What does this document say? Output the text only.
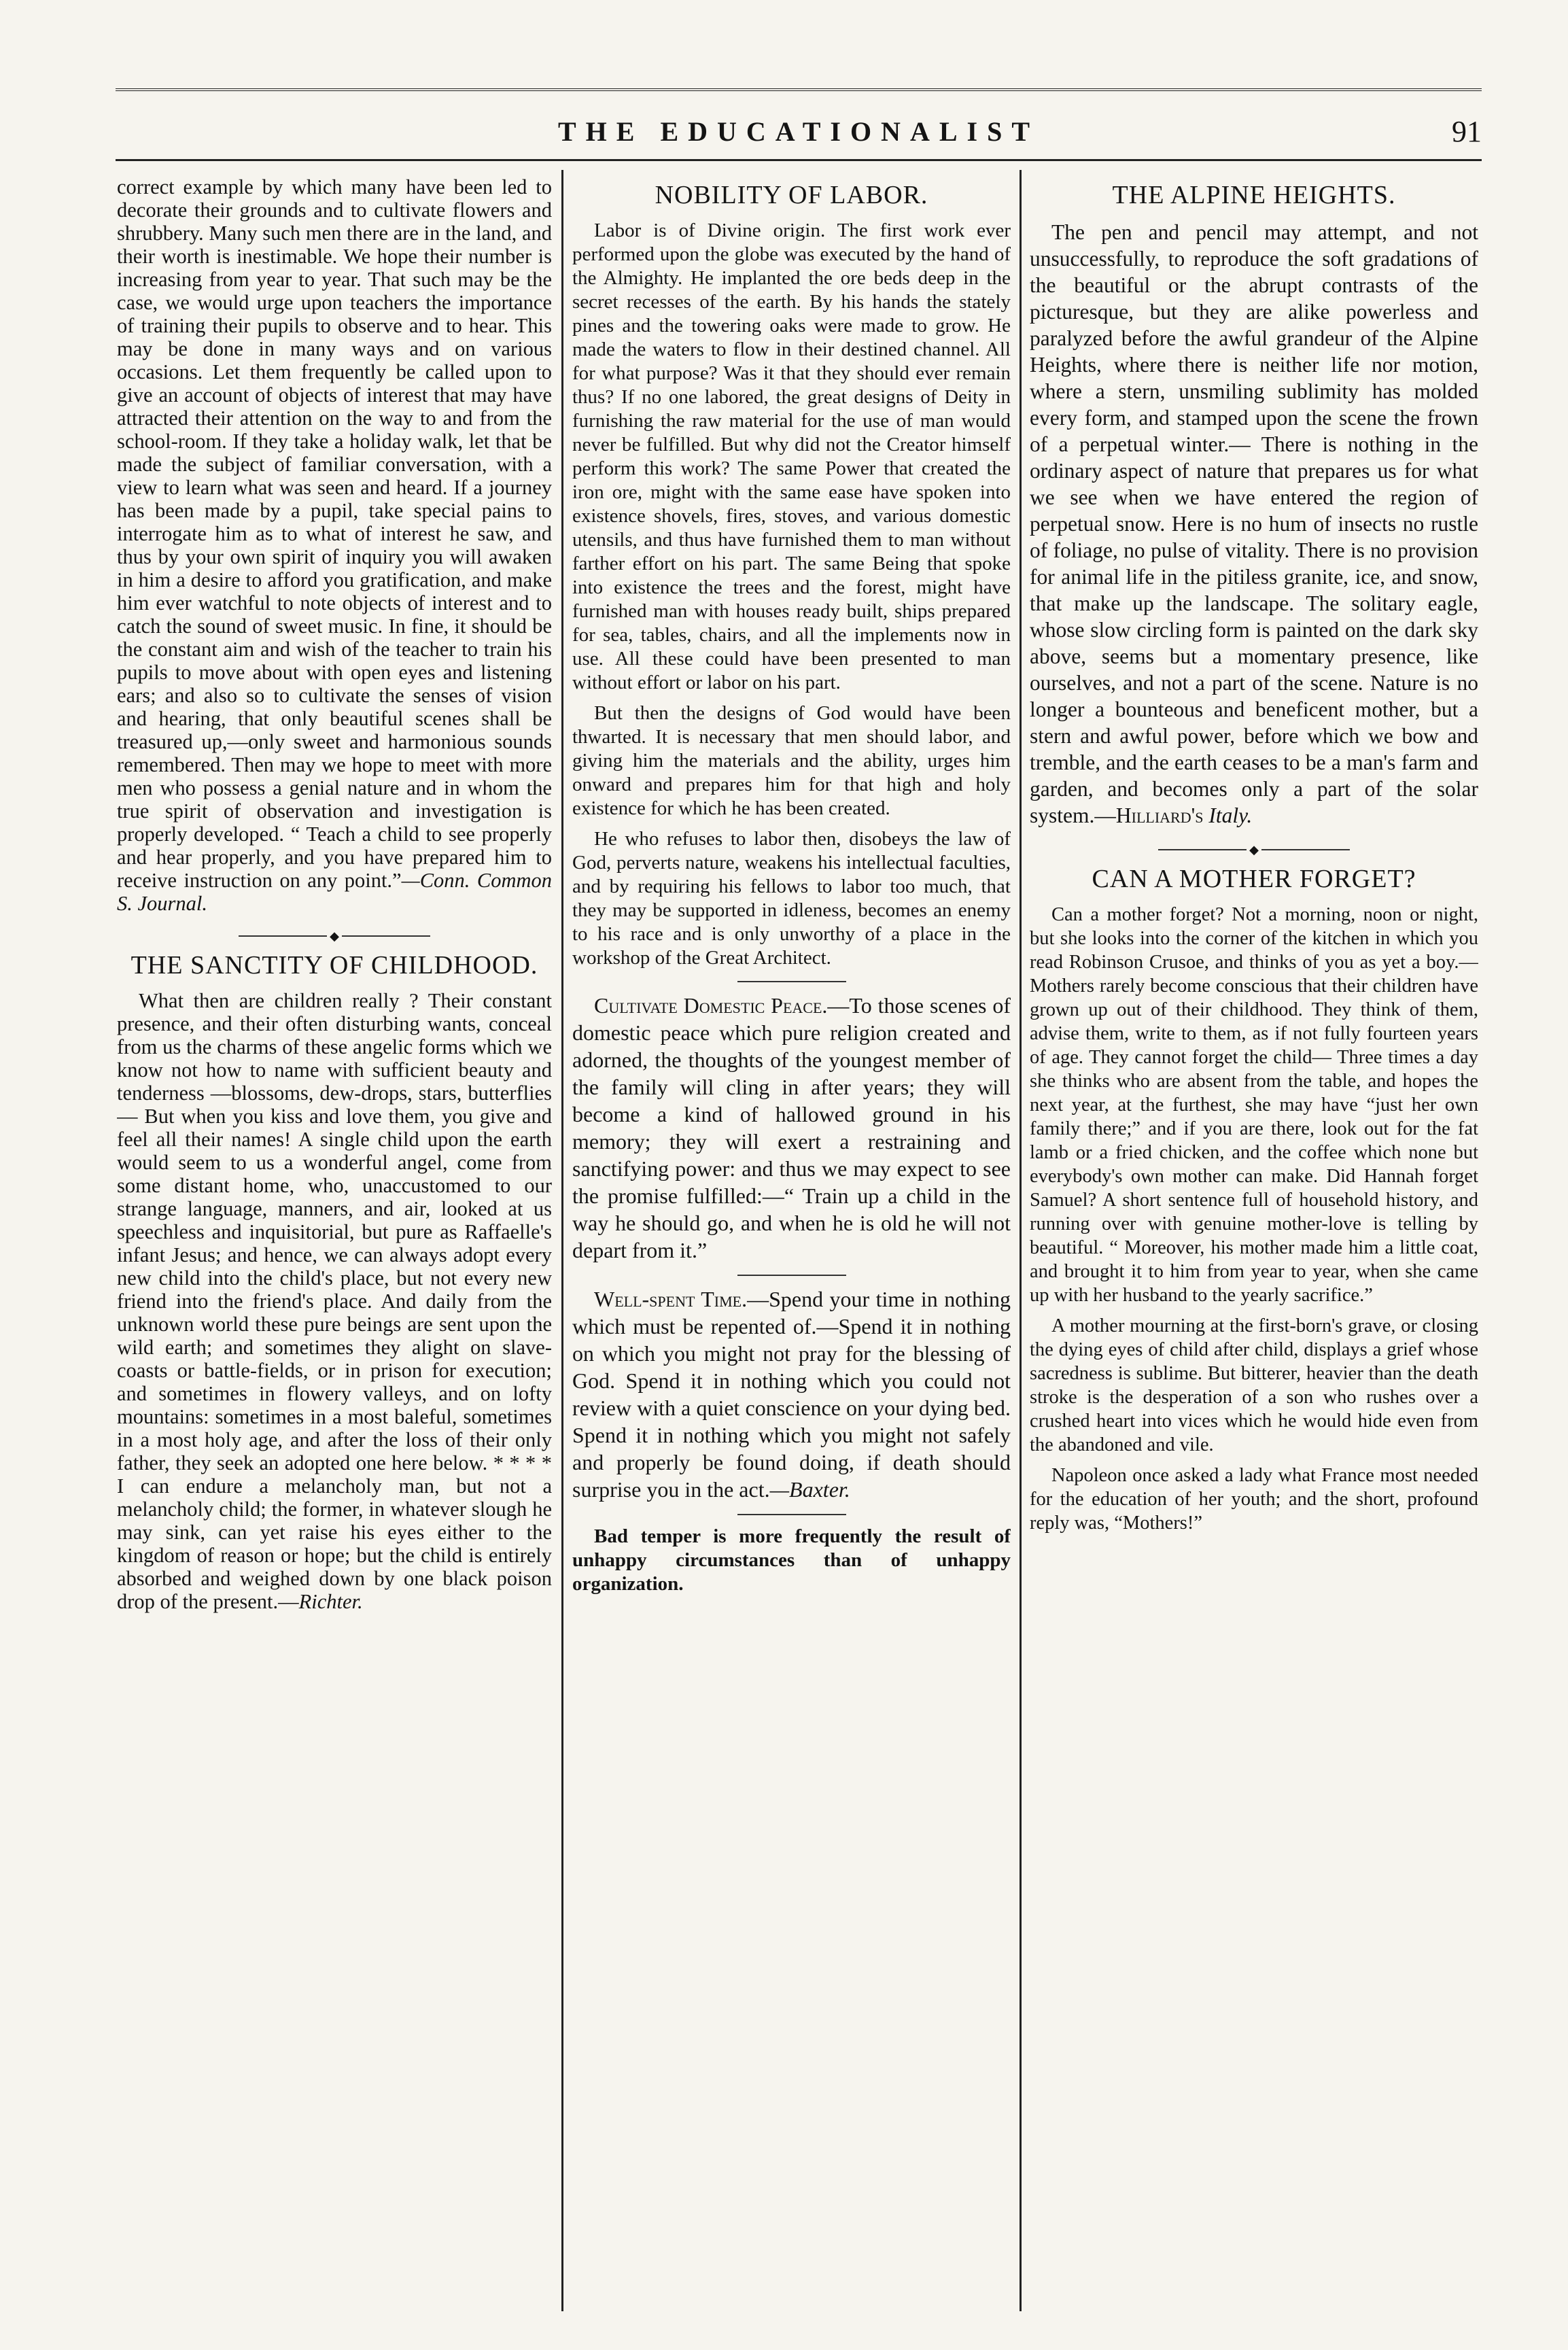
THE EDUCATIONALIST	91

correct example by which many have been led to decorate their grounds and to cultivate flowers and shrubbery. Many such men there are in the land, and their worth is inestimable. We hope their number is increasing from year to year. That such may be the case, we would urge upon teachers the importance of training their pupils to observe and to hear. This may be done in many ways and on various occasions. Let them frequently be called upon to give an account of objects of interest that may have attracted their attention on the way to and from the school-room. If they take a holiday walk, let that be made the subject of familiar conversation, with a view to learn what was seen and heard. If a journey has been made by a pupil, take special pains to interrogate him as to what of interest he saw, and thus by your own spirit of inquiry you will awaken in him a desire to afford you gratification, and make him ever watchful to note objects of interest and to catch the sound of sweet music. In fine, it should be the constant aim and wish of the teacher to train his pupils to move about with open eyes and listening ears; and also so to cultivate the senses of vision and hearing, that only beautiful scenes shall be treasured up,—only sweet and harmonious sounds remembered. Then may we hope to meet with more men who possess a genial nature and in whom the true spirit of observation and investigation is properly developed. “ Teach a child to see properly and hear properly, and you have prepared him to receive instruction on any point.”—Conn. Common S. Journal.

◆
THE SANCTITY OF CHILDHOOD.

What then are children really ? Their constant presence, and their often disturbing wants, conceal from us the charms of these angelic forms which we know not how to name with sufficient beauty and tenderness —blossoms, dew-drops, stars, butterflies — But when you kiss and love them, you give and feel all their names! A single child upon the earth would seem to us a wonderful angel, come from some distant home, who, unaccustomed to our strange language, manners, and air, looked at us speechless and inquisitorial, but pure as Raffaelle's infant Jesus; and hence, we can always adopt every new child into the child's place, but not every new friend into the friend's place. And daily from the unknown world these pure beings are sent upon the wild earth; and sometimes they alight on slave-coasts or battle-fields, or in prison for execution; and sometimes in flowery valleys, and on lofty mountains: sometimes in a most baleful, sometimes in a most holy age, and after the loss of their only father, they seek an adopted one here below. * * * * I can endure a melancholy man, but not a melancholy child; the former, in whatever slough he may sink, can yet raise his eyes either to the kingdom of reason or hope; but the child is entirely absorbed and weighed down by one black poison drop of the present.—Richter.

NOBILITY OF LABOR.

Labor is of Divine origin. The first work ever performed upon the globe was executed by the hand of the Almighty. He implanted the ore beds deep in the secret recesses of the earth. By his hands the stately pines and the towering oaks were made to grow. He made the waters to flow in their destined channel. All for what purpose? Was it that they should ever remain thus? If no one labored, the great designs of Deity in furnishing the raw material for the use of man would never be fulfilled. But why did not the Creator himself perform this work? The same Power that created the iron ore, might with the same ease have spoken into existence shovels, fires, stoves, and various domestic utensils, and thus have furnished them to man without farther effort on his part. The same Being that spoke into existence the trees and the forest, might have furnished man with houses ready built, ships prepared for sea, tables, chairs, and all the implements now in use. All these could have been presented to man without effort or labor on his part.

But then the designs of God would have been thwarted. It is necessary that men should labor, and giving him the materials and the ability, urges him onward and prepares him for that high and holy existence for which he has been created.

He who refuses to labor then, disobeys the law of God, perverts nature, weakens his intellectual faculties, and by requiring his fellows to labor too much, that they may be supported in idleness, becomes an enemy to his race and is only unworthy of a place in the workshop of the Great Architect.

Cultivate Domestic Peace.—To those scenes of domestic peace which pure religion created and adorned, the thoughts of the youngest member of the family will cling in after years; they will become a kind of hallowed ground in his memory; they will exert a restraining and sanctifying power: and thus we may expect to see the promise fulfilled:—“ Train up a child in the way he should go, and when he is old he will not depart from it.”

Well-spent Time.—Spend your time in nothing which must be repented of.—Spend it in nothing on which you might not pray for the blessing of God. Spend it in nothing which you could not review with a quiet conscience on your dying bed. Spend it in nothing which you might not safely and properly be found doing, if death should surprise you in the act.—Baxter.

Bad temper is more frequently the result of unhappy circumstances than of unhappy organization.

THE ALPINE HEIGHTS.

The pen and pencil may attempt, and not unsuccessfully, to reproduce the soft gradations of the beautiful or the abrupt contrasts of the picturesque, but they are alike powerless and paralyzed before the awful grandeur of the Alpine Heights, where there is neither life nor motion, where a stern, unsmiling sublimity has molded every form, and stamped upon the scene the frown of a perpetual winter.— There is nothing in the ordinary aspect of nature that prepares us for what we see when we have entered the region of perpetual snow. Here is no hum of insects no rustle of foliage, no pulse of vitality. There is no provision for animal life in the pitiless granite, ice, and snow, that make up the landscape. The solitary eagle, whose slow circling form is painted on the dark sky above, seems but a momentary presence, like ourselves, and not a part of the scene. Nature is no longer a bounteous and beneficent mother, but a stern and awful power, before which we bow and tremble, and the earth ceases to be a man's farm and garden, and becomes only a part of the solar system.—Hilliard's Italy.

◆
CAN A MOTHER FORGET?

Can a mother forget? Not a morning, noon or night, but she looks into the corner of the kitchen in which you read Robinson Crusoe, and thinks of you as yet a boy.— Mothers rarely become conscious that their children have grown up out of their childhood. They think of them, advise them, write to them, as if not fully fourteen years of age. They cannot forget the child— Three times a day she thinks who are absent from the table, and hopes the next year, at the furthest, she may have “just her own family there;” and if you are there, look out for the fat lamb or a fried chicken, and the coffee which none but everybody's own mother can make. Did Hannah forget Samuel? A short sentence full of household history, and running over with genuine mother-love is telling by beautiful. “ Moreover, his mother made him a little coat, and brought it to him from year to year, when she came up with her husband to the yearly sacrifice.”

A mother mourning at the first-born's grave, or closing the dying eyes of child after child, displays a grief whose sacredness is sublime. But bitterer, heavier than the death stroke is the desperation of a son who rushes over a crushed heart into vices which he would hide even from the abandoned and vile.

Napoleon once asked a lady what France most needed for the education of her youth; and the short, profound reply was, “Mothers!”
